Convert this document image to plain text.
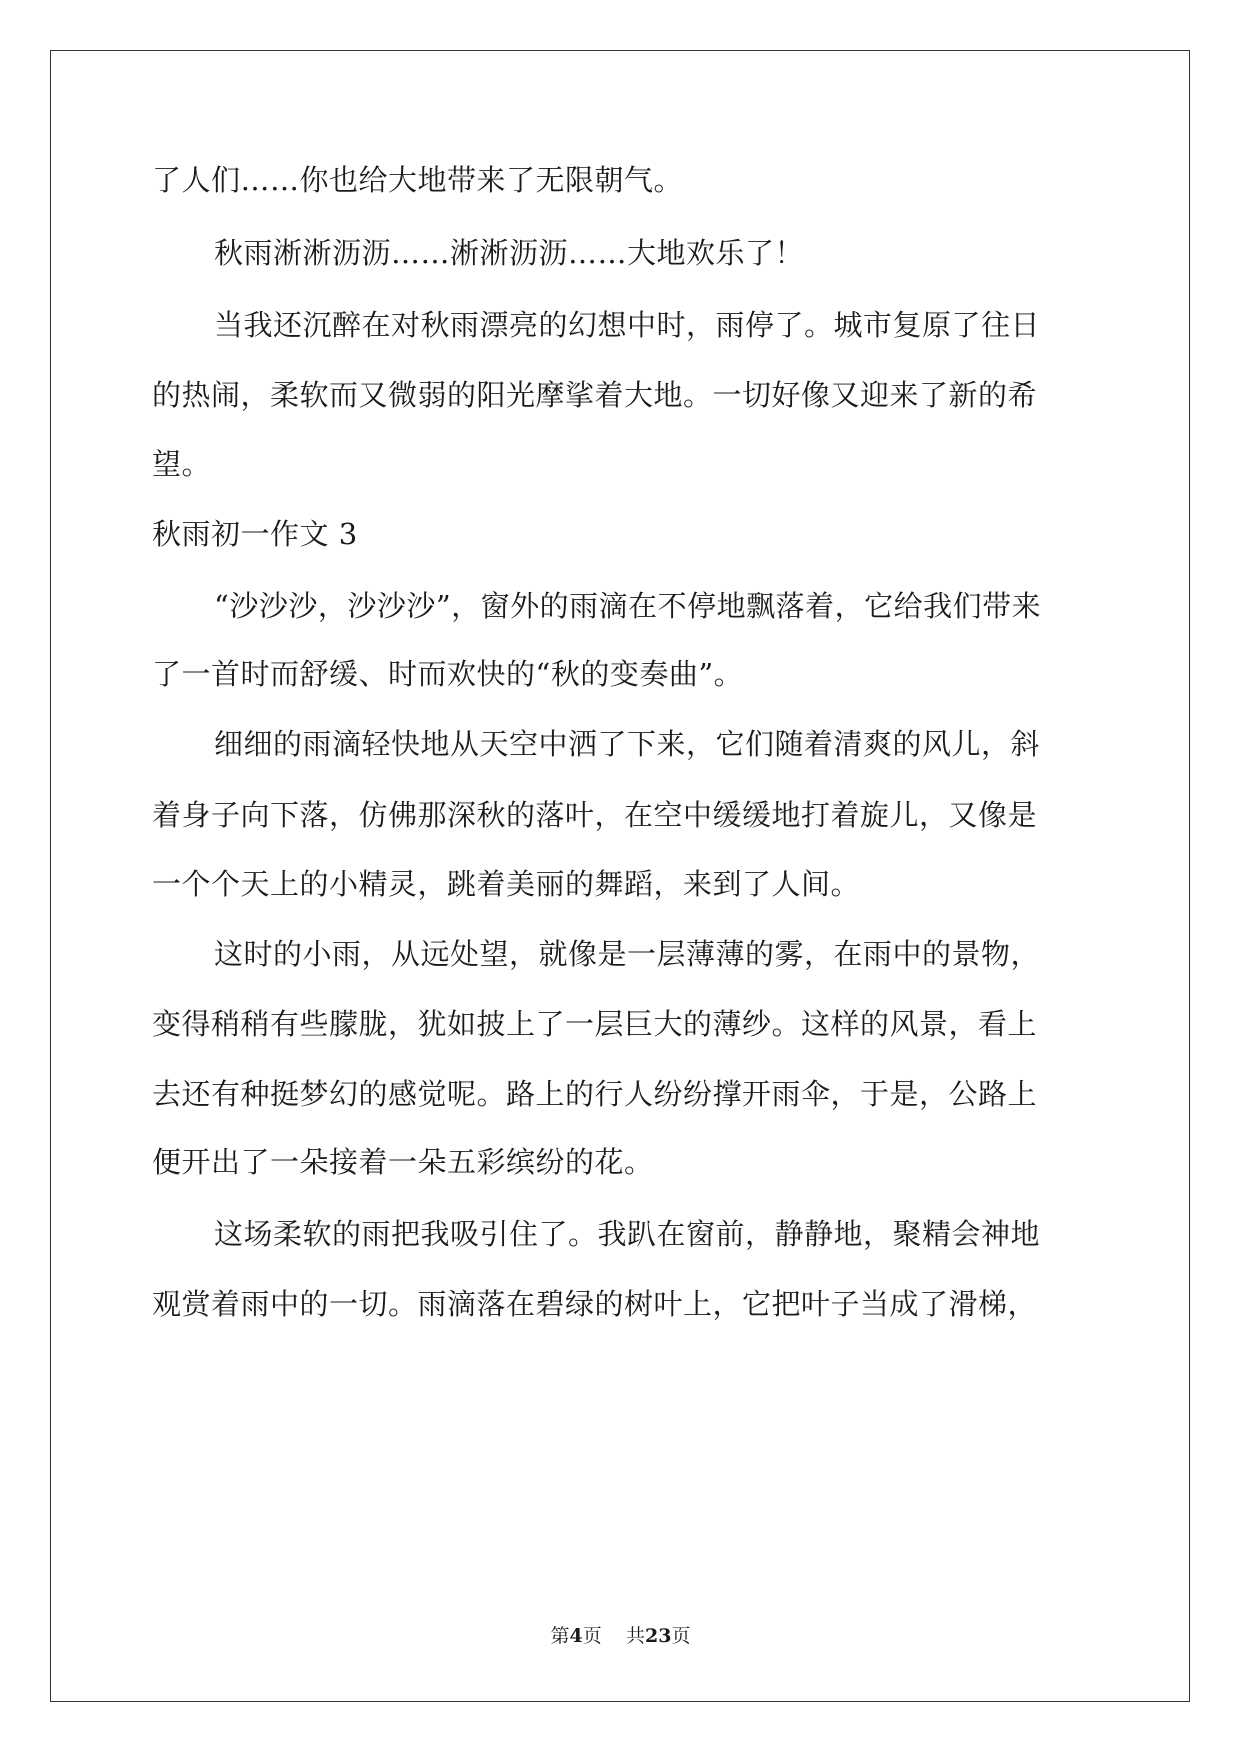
了人们……你也给大地带来了无限朝气。
秋雨淅淅沥沥……淅淅沥沥……大地欢乐了！
当我还沉醉在对秋雨漂亮的幻想中时，雨停了。城市复原了往日
的热闹，柔软而又微弱的阳光摩挲着大地。一切好像又迎来了新的希
望。
秋雨初一作文 3
“沙沙沙，沙沙沙”，窗外的雨滴在不停地飘落着，它给我们带来
了一首时而舒缓、时而欢快的“秋的变奏曲”。
细细的雨滴轻快地从天空中洒了下来，它们随着清爽的风儿，斜
着身子向下落，仿佛那深秋的落叶，在空中缓缓地打着旋儿，又像是
一个个天上的小精灵，跳着美丽的舞蹈，来到了人间。
这时的小雨，从远处望，就像是一层薄薄的雾，在雨中的景物，
变得稍稍有些朦胧，犹如披上了一层巨大的薄纱。这样的风景，看上
去还有种挺梦幻的感觉呢。路上的行人纷纷撑开雨伞，于是，公路上
便开出了一朵接着一朵五彩缤纷的花。
这场柔软的雨把我吸引住了。我趴在窗前，静静地，聚精会神地
观赏着雨中的一切。雨滴落在碧绿的树叶上，它把叶子当成了滑梯，
第4页 共23页
